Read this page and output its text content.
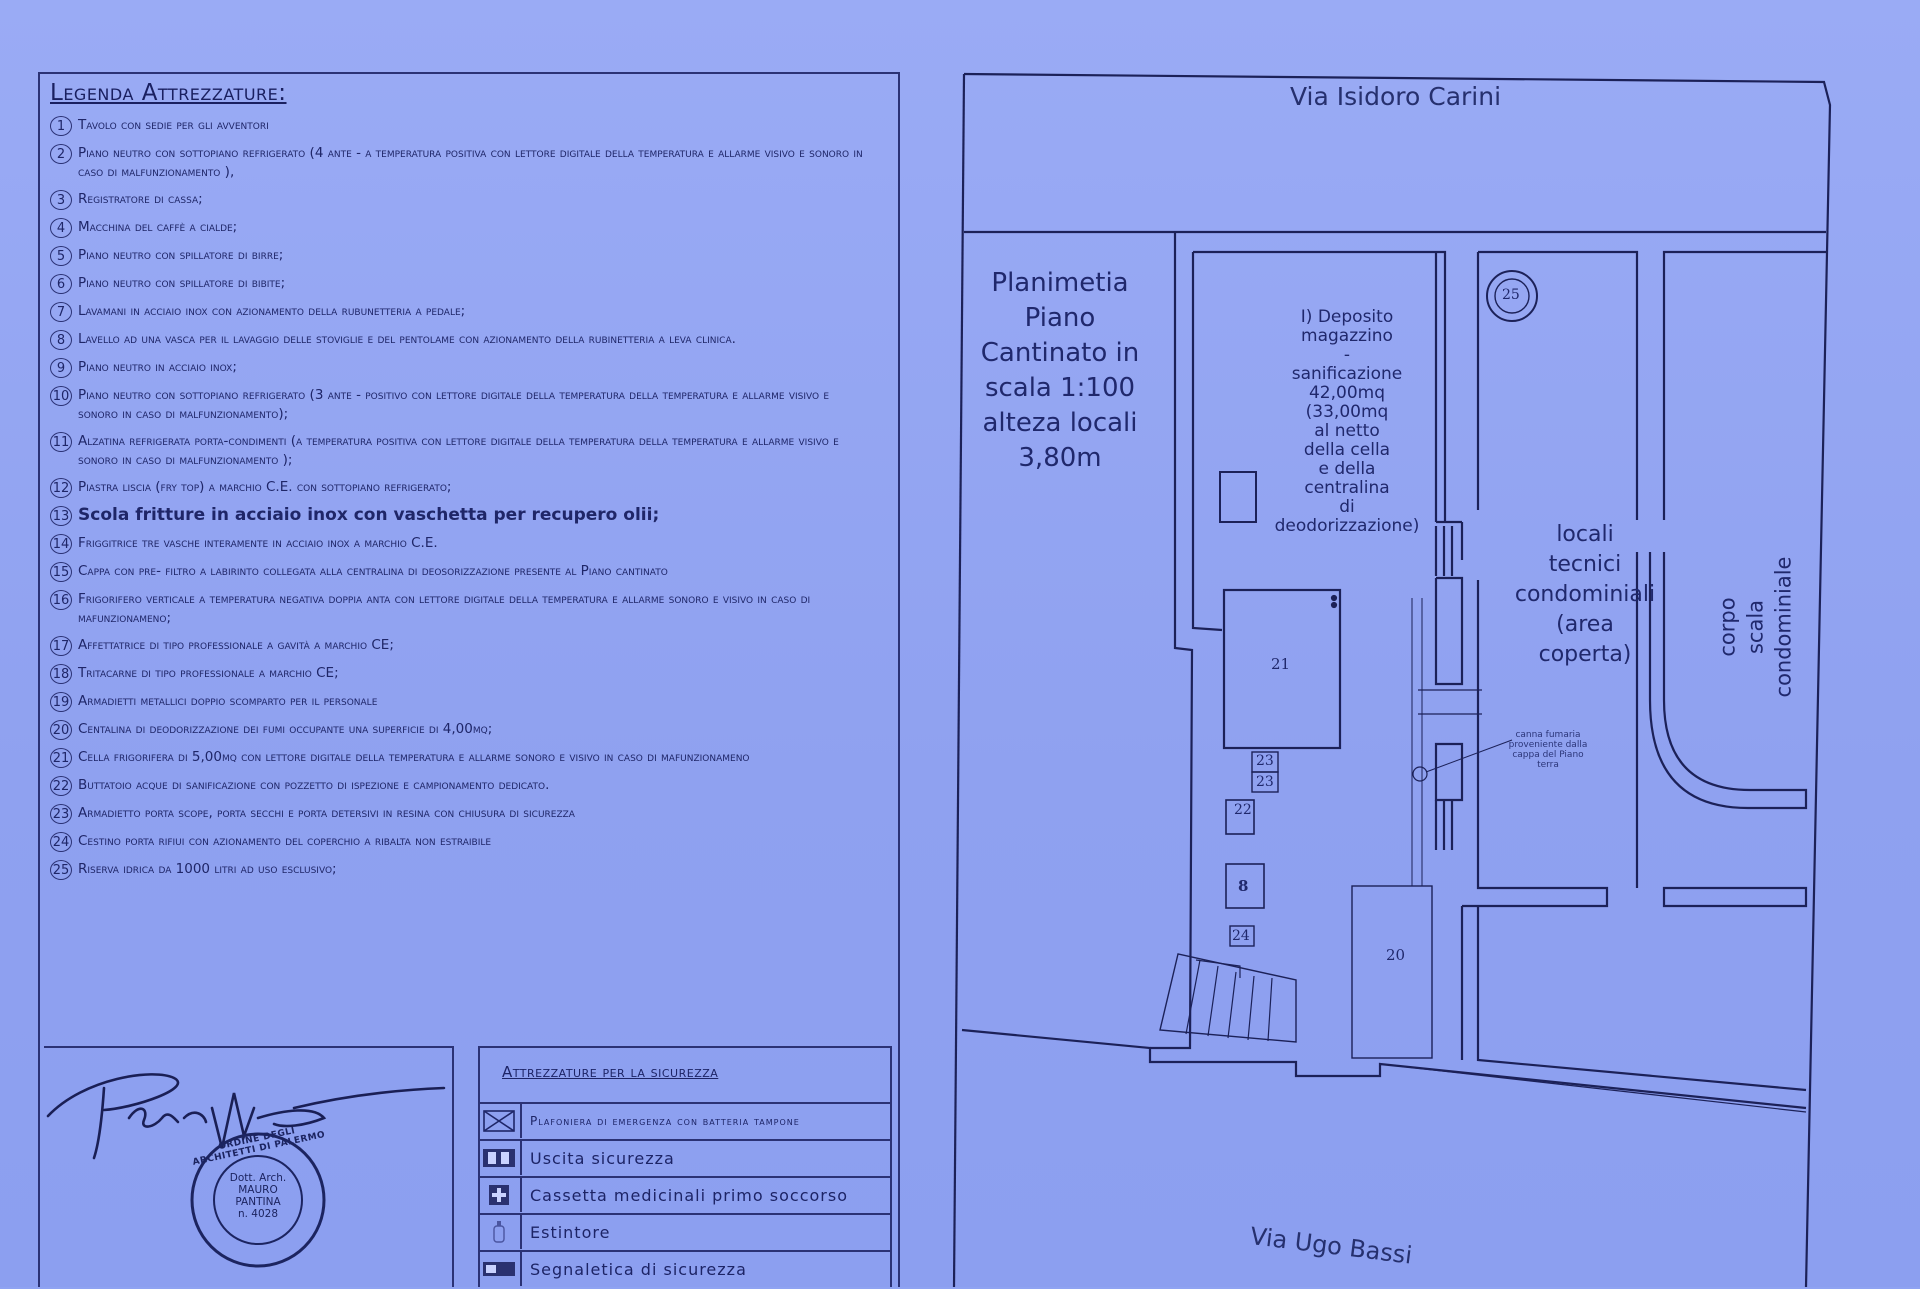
Legenda Attrezzature:
1 Tavolo con sedie per gli avventori
2 Piano neutro con sottopiano refrigerato (4 ante - a temperatura positiva con lettore digitale della temperatura e allarme visivo e sonoro in caso di malfunzionamento ),
3 Registratore di cassa;
4 Macchina del caffè a cialde;
5 Piano neutro con spillatore di birre;
6 Piano neutro con spillatore di bibite;
7 Lavamani in acciaio inox con azionamento della rubunetteria a pedale;
8 Lavello ad una vasca per il lavaggio delle stoviglie e del pentolame con azionamento della rubinetteria a leva clinica.
9 Piano neutro in acciaio inox;
10 Piano neutro con sottopiano refrigerato (3 ante - positivo con lettore digitale della temperatura della temperatura e allarme visivo e sonoro in caso di malfunzionamento);
11 Alzatina refrigerata porta-condimenti (a temperatura positiva con lettore digitale della temperatura della temperatura e allarme visivo e sonoro in caso di malfunzionamento );
12 Piastra liscia (fry top) a marchio C.E. con sottopiano refrigerato;
13 Scola fritture in acciaio inox con vaschetta per recupero olii;
14 Friggitrice tre vasche interamente in acciaio inox a marchio C.E.
15 Cappa con pre- filtro a labirinto collegata alla centralina di deosorizzazione presente al Piano cantinato
16 Frigorifero verticale a temperatura negativa doppia anta con lettore digitale della temperatura e allarme sonoro e visivo in caso di mafunzionameno;
17 Affettatrice di tipo professionale a gavità a marchio CE;
18 Tritacarne di tipo professionale a marchio CE;
19 Armadietti metallici doppio scomparto per il personale
20 Centalina di deodorizzazione dei fumi occupante una superficie di 4,00mq;
21 Cella frigorifera di 5,00mq con lettore digitale della temperatura e allarme sonoro e visivo in caso di mafunzionameno
22 Buttatoio acque di sanificazione con pozzetto di ispezione e campionamento dedicato.
23 Armadietto porta scope, porta secchi e porta detersivi in resina con chiusura di sicurezza
24 Cestino porta rifiui con azionamento del coperchio a ribalta non estraibile
25 Riserva idrica da 1000 litri ad uso esclusivo;
ORDINE DEGLI ARCHITETTI DI PALERMO
Dott. Arch.
MAURO
PANTINA
n. 4028
Attrezzature per la sicurezza
Plafoniera di emergenza con batteria tampone
Uscita sicurezza
Cassetta medicinali primo soccorso
Estintore
Segnaletica di sicurezza
Via Isidoro Carini
Via Ugo Bassi
Planimetia
Piano
Cantinato in
scala 1:100
alteza locali
3,80m
I) Deposito
magazzino
-
sanificazione
42,00mq
(33,00mq
al netto
della cella
e della
centralina
di
deodorizzazione)	locali
tecnici
condominiali
(area
coperta)	corpo scala condominiale
canna fumaria
proveniente dalla
cappa del Piano
terra
21
23
23
22
8
24
20
25
